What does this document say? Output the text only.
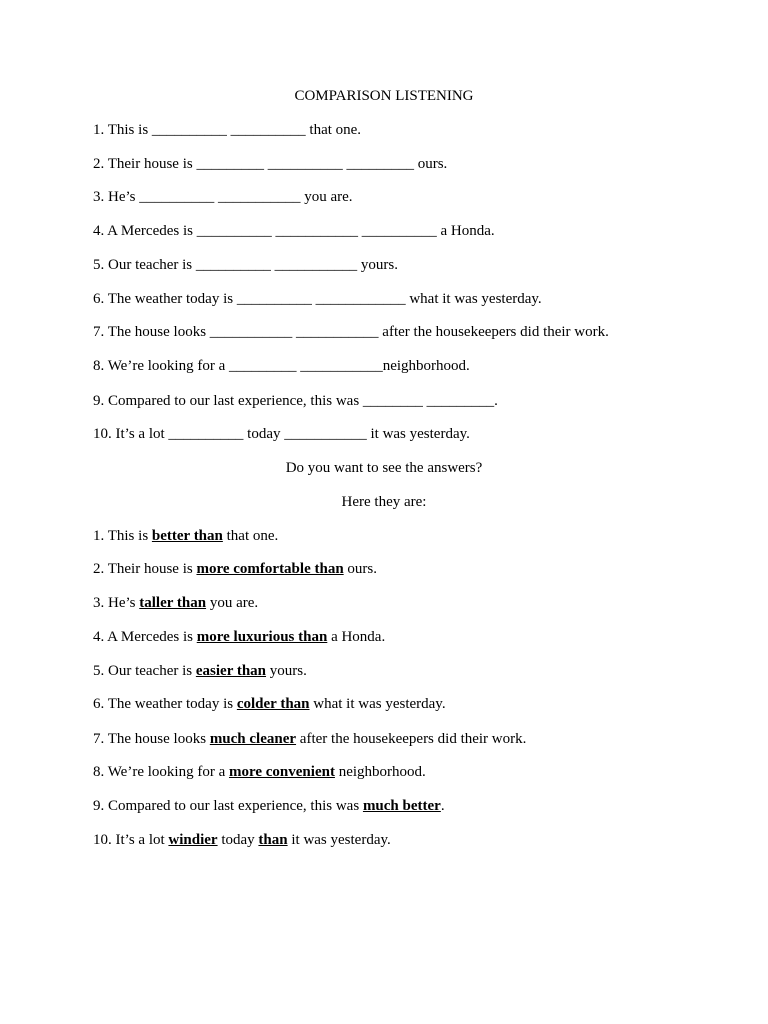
COMPARISON LISTENING
1. This is __________ __________ that one.
2. Their house is _________ __________ _________ ours.
3. He’s __________ ___________ you are.
4. A Mercedes is __________ ___________ __________ a Honda.
5. Our teacher is __________ ___________ yours.
6. The weather today is __________ ____________ what it was yesterday.
7. The house looks ___________ ___________ after the housekeepers did their work.
8. We’re looking for a _________ ___________neighborhood.
9. Compared to our last experience, this was ________ _________.
10. It’s a lot __________ today ___________ it was yesterday.
Do you want to see the answers?
Here they are:
1. This is better than that one.
2. Their house is more comfortable than ours.
3. He’s taller than you are.
4. A Mercedes is more luxurious than a Honda.
5. Our teacher is easier than yours.
6. The weather today is colder than what it was yesterday.
7. The house looks much cleaner after the housekeepers did their work.
8. We’re looking for a more convenient neighborhood.
9. Compared to our last experience, this was much better.
10. It’s a lot windier today than it was yesterday.
